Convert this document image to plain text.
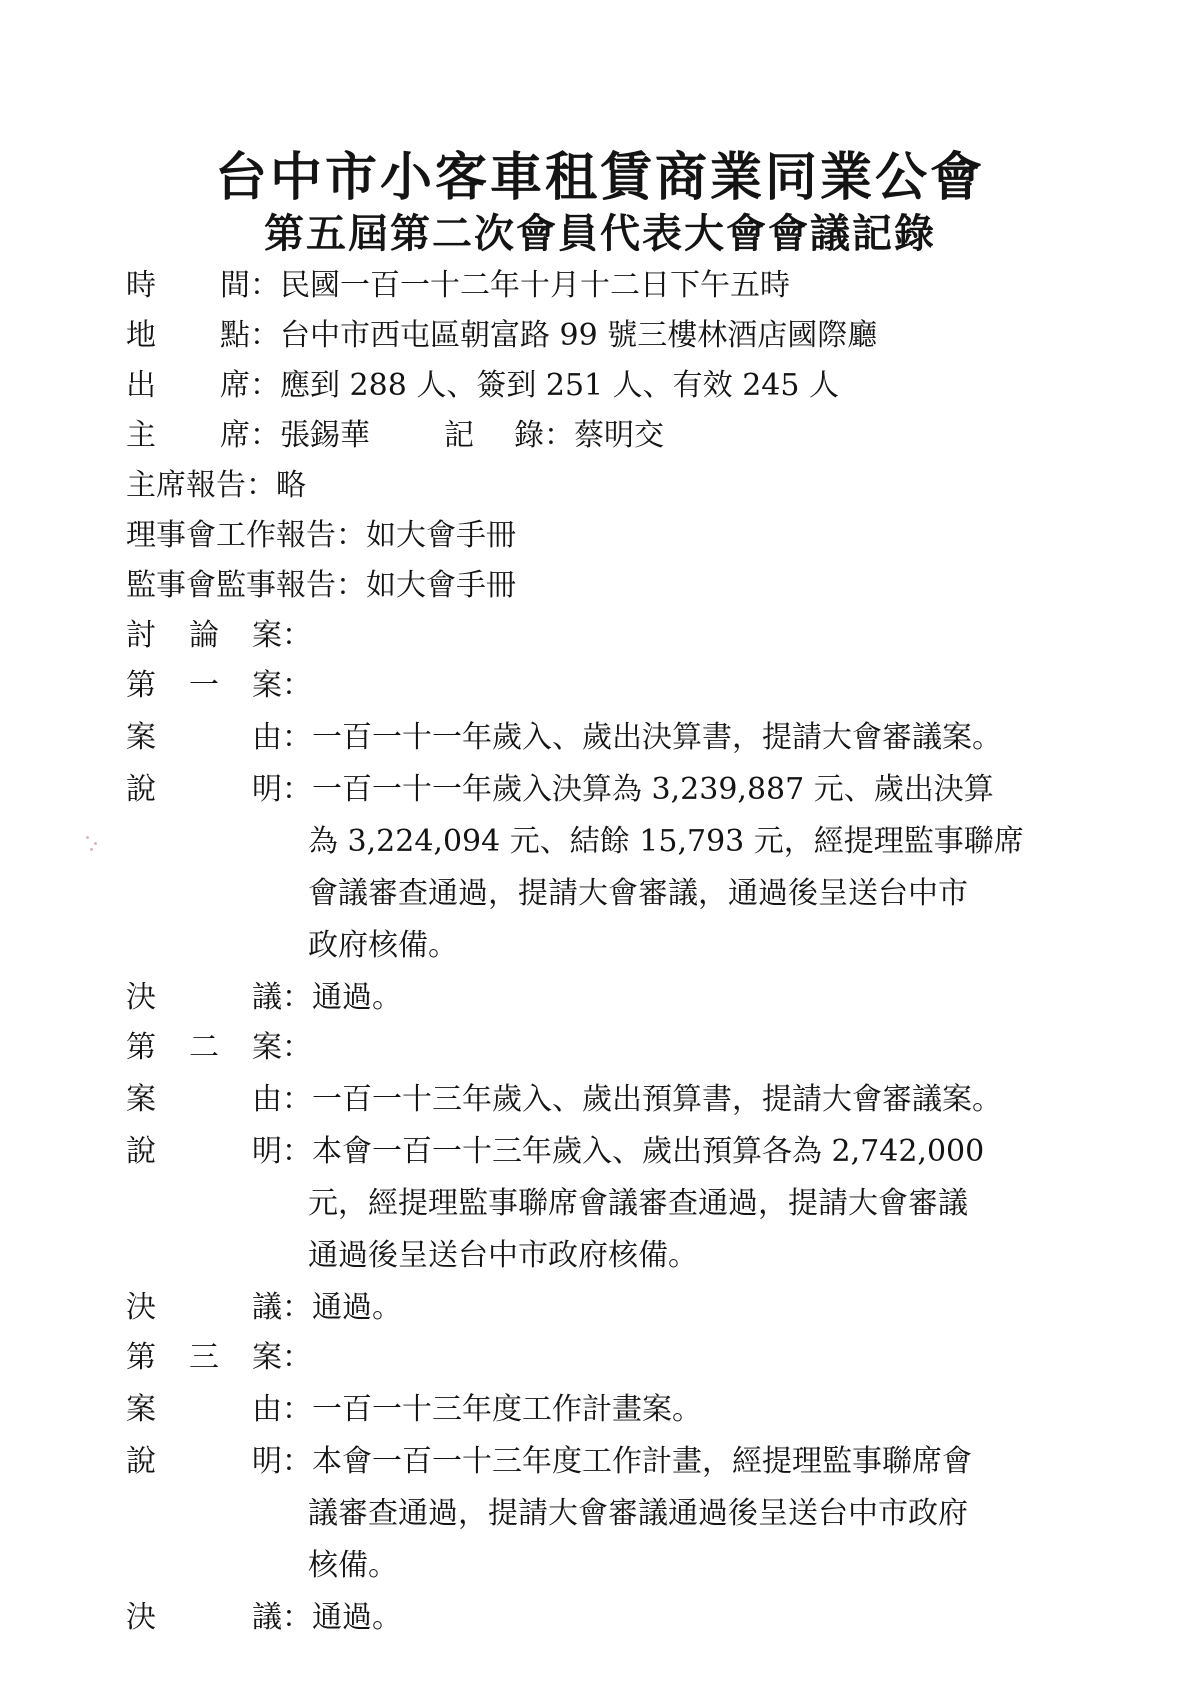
台中市小客車租賃商業同業公會
第五屆第二次會員代表大會會議記錄
時間：民國一百一十二年十月十二日下午五時
地點：台中市西屯區朝富路 99 號三樓林酒店國際廳
出席：應到 288 人、簽到 251 人、有效 245 人
主席：張錫華 記錄：蔡明交
主席報告：略
理事會工作報告：如大會手冊
監事會監事報告：如大會手冊
討論案：
第一案：
案由：一百一十一年歲入、歲出決算書，提請大會審議案。
說明：一百一十一年歲入決算為 3,239,887 元、歲出決算
為 3,224,094 元、結餘 15,793 元，經提理監事聯席
會議審查通過，提請大會審議，通過後呈送台中市
政府核備。
決議：通過。
第二案：
案由：一百一十三年歲入、歲出預算書，提請大會審議案。
說明：本會一百一十三年歲入、歲出預算各為 2,742,000
元，經提理監事聯席會議審查通過，提請大會審議
通過後呈送台中市政府核備。
決議：通過。
第三案：
案由：一百一十三年度工作計畫案。
說明：本會一百一十三年度工作計畫，經提理監事聯席會
議審查通過，提請大會審議通過後呈送台中市政府
核備。
決議：通過。
